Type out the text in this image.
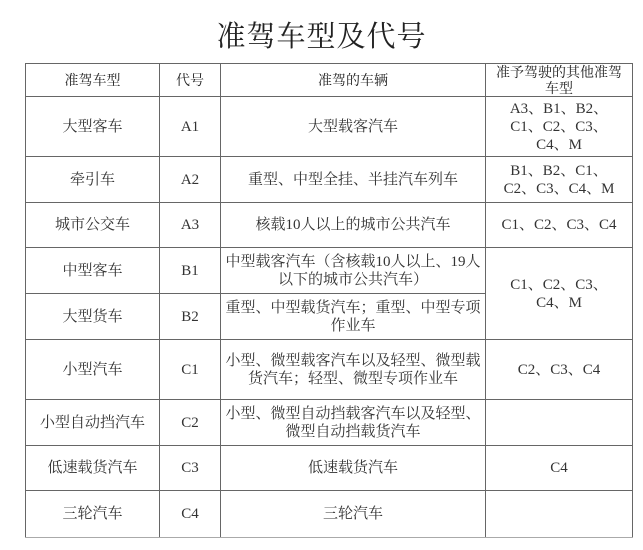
准驾车型及代号
准驾车型	代号	准驾的车辆	准予驾驶的其他准驾车型
大型客车	A1	大型载客汽车	A3、B1、B2、C1、C2、C3、C4、M
牵引车	A2	重型、中型全挂、半挂汽车列车	B1、B2、C1、C2、C3、C4、M
城市公交车	A3	核载10人以上的城市公共汽车	C1、C2、C3、C4
中型客车	B1	中型载客汽车（含核载10人以上、19人以下的城市公共汽车）	C1、C2、C3、C4、M
大型货车	B2	重型、中型载货汽车；重型、中型专项作业车	
小型汽车	C1	小型、微型载客汽车以及轻型、微型载货汽车；轻型、微型专项作业车	C2、C3、C4
小型自动挡汽车	C2	小型、微型自动挡载客汽车以及轻型、微型自动挡载货汽车	
低速载货汽车	C3	低速载货汽车	C4
三轮汽车	C4	三轮汽车	
